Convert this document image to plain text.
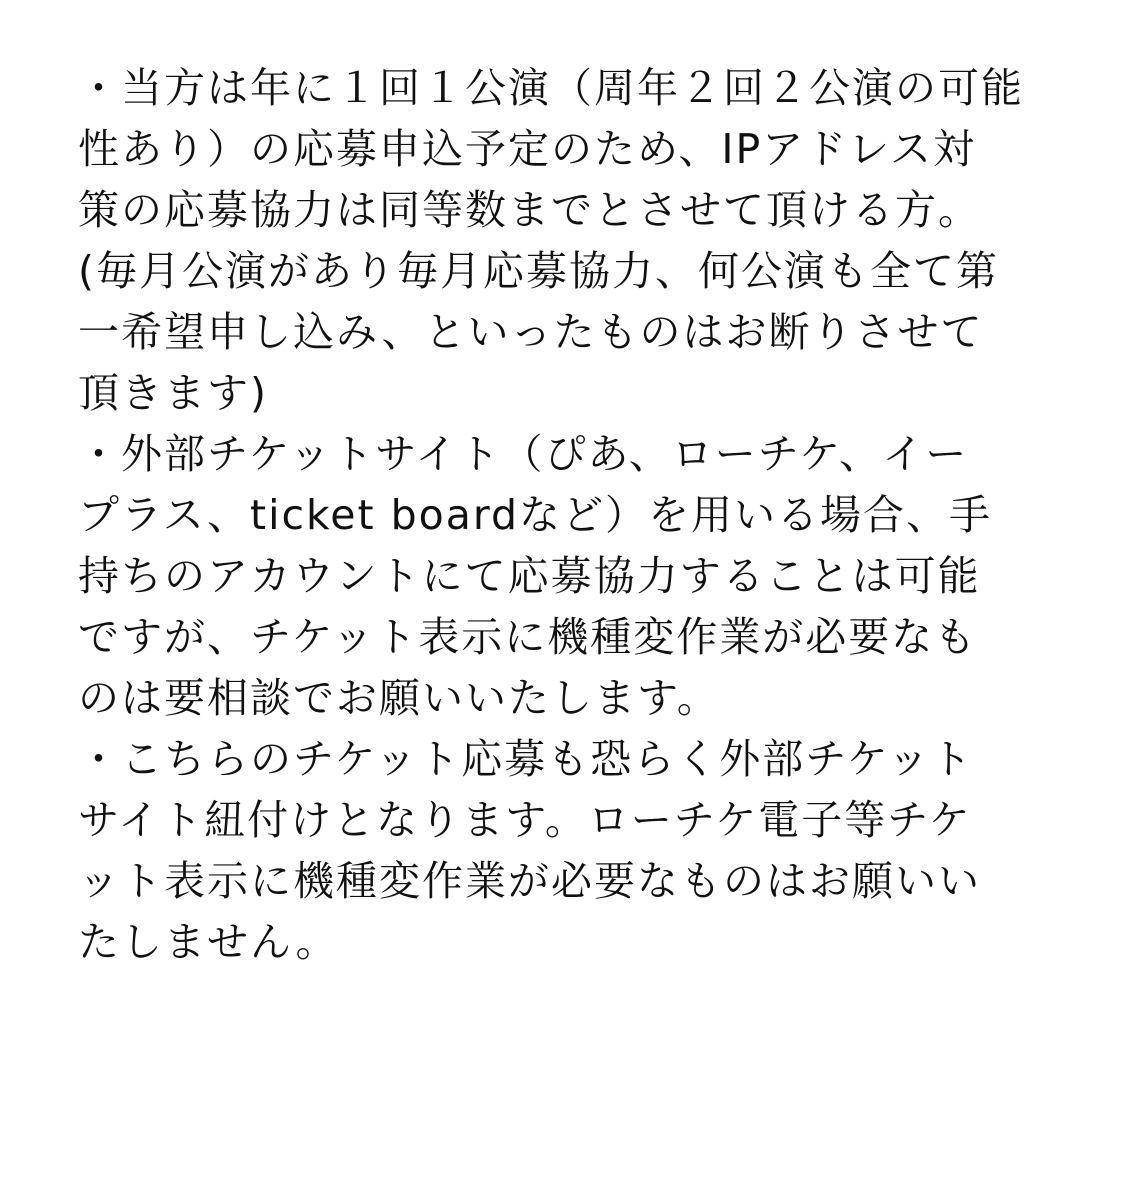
・当方は年に１回１公演（周年２回２公演の可能
性あり）の応募申込予定のため、IPアドレス対
策の応募協力は同等数までとさせて頂ける方。
(毎月公演があり毎月応募協力、何公演も全て第
一希望申し込み、といったものはお断りさせて
頂きます)
・外部チケットサイト（ぴあ、ローチケ、イー
プラス、ticket boardなど）を用いる場合、手
持ちのアカウントにて応募協力することは可能
ですが、チケット表示に機種変作業が必要なも
のは要相談でお願いいたします。
・こちらのチケット応募も恐らく外部チケット
サイト紐付けとなります。ローチケ電子等チケ
ット表示に機種変作業が必要なものはお願いい
たしません。
